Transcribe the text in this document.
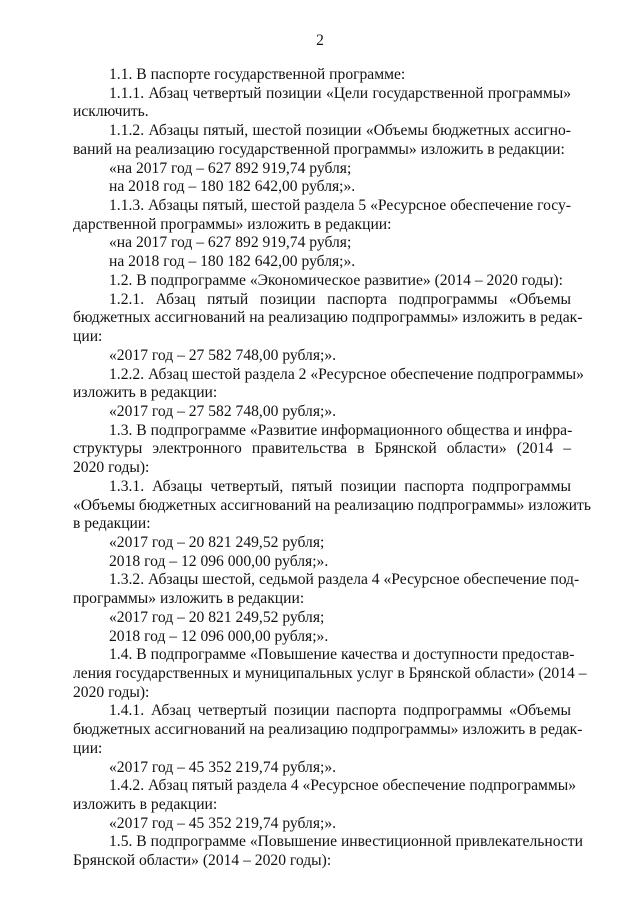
2
1.1. В паспорте государственной программе:
1.1.1. Абзац четвертый позиции «Цели государственной программы»
исключить.
1.1.2. Абзацы пятый, шестой позиции «Объемы бюджетных ассигно-
ваний на реализацию государственной программы» изложить в редакции:
«на 2017 год – 627 892 919,74 рубля;
на 2018 год – 180 182 642,00 рубля;».
1.1.3. Абзацы пятый, шестой раздела 5 «Ресурсное обеспечение госу-
дарственной программы» изложить в редакции:
«на 2017 год – 627 892 919,74 рубля;
на 2018 год – 180 182 642,00 рубля;».
1.2. В подпрограмме «Экономическое развитие» (2014 – 2020 годы):
1.2.1. Абзац пятый позиции паспорта подпрограммы «Объемы
бюджетных ассигнований на реализацию подпрограммы» изложить в редак-
ции:
«2017 год – 27 582 748,00 рубля;».
1.2.2. Абзац шестой раздела 2 «Ресурсное обеспечение подпрограммы»
изложить в редакции:
«2017 год – 27 582 748,00 рубля;».
1.3. В подпрограмме «Развитие информационного общества и инфра-
структуры электронного правительства в Брянской области» (2014 –
2020 годы):
1.3.1. Абзацы четвертый, пятый позиции паспорта подпрограммы
«Объемы бюджетных ассигнований на реализацию подпрограммы» изложить
в редакции:
«2017 год – 20 821 249,52 рубля;
2018 год – 12 096 000,00 рубля;».
1.3.2. Абзацы шестой, седьмой раздела 4 «Ресурсное обеспечение под-
программы» изложить в редакции:
«2017 год – 20 821 249,52 рубля;
2018 год – 12 096 000,00 рубля;».
1.4. В подпрограмме «Повышение качества и доступности предостав-
ления государственных и муниципальных услуг в Брянской области» (2014 –
2020 годы):
1.4.1. Абзац четвертый позиции паспорта подпрограммы «Объемы
бюджетных ассигнований на реализацию подпрограммы» изложить в редак-
ции:
«2017 год – 45 352 219,74 рубля;».
1.4.2. Абзац пятый раздела 4 «Ресурсное обеспечение подпрограммы»
изложить в редакции:
«2017 год – 45 352 219,74 рубля;».
1.5. В подпрограмме «Повышение инвестиционной привлекательности
Брянской области» (2014 – 2020 годы):
